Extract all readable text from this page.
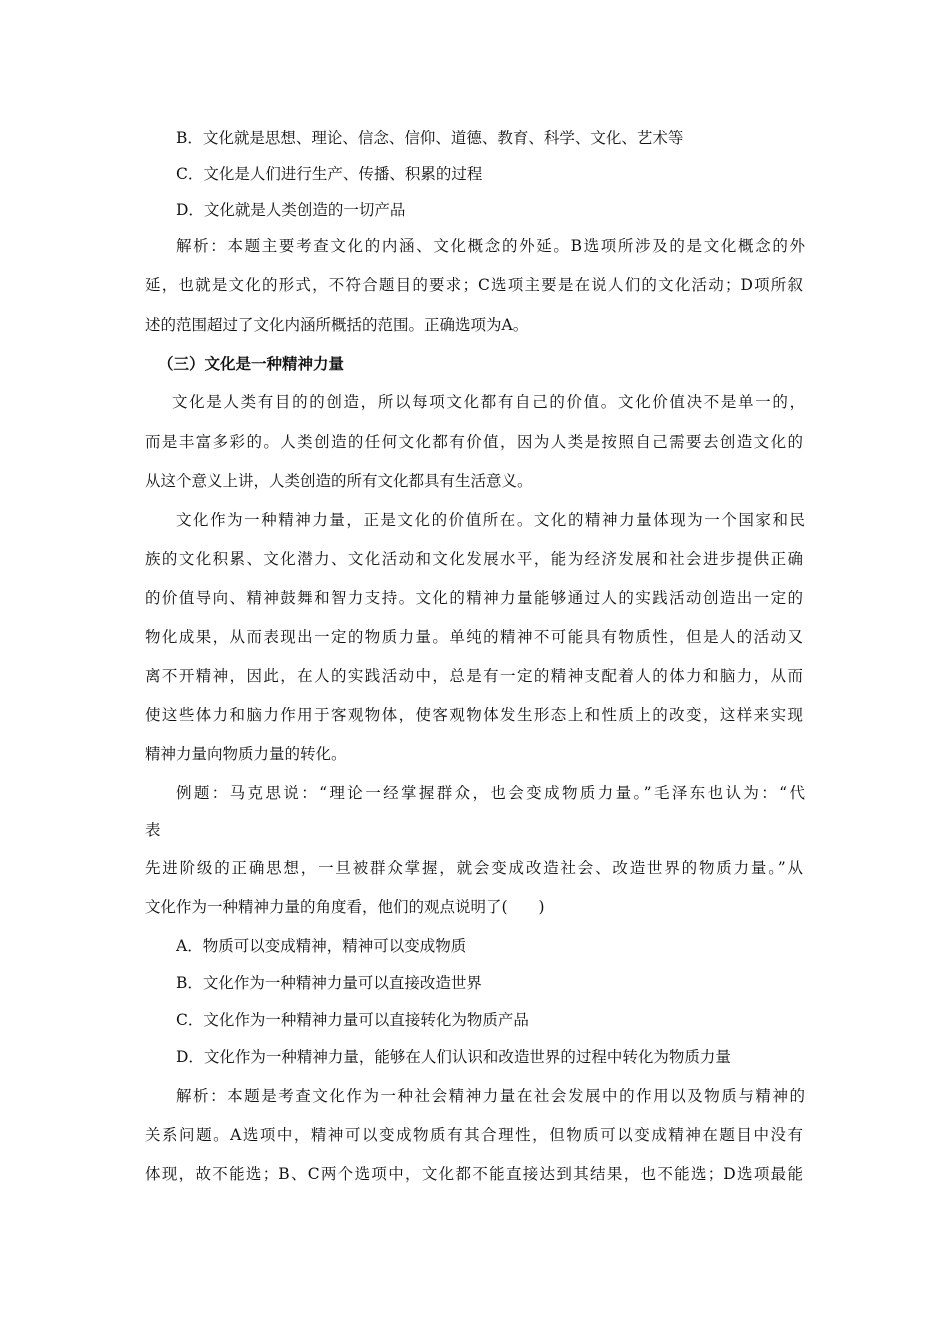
B．文化就是思想、理论、信念、信仰、道德、教育、科学、文化、艺术等
C．文化是人们进行生产、传播、积累的过程
D．文化就是人类创造的一切产品
解析：本题主要考查文化的内涵、文化概念的外延。B选项所涉及的是文化概念的外
延，也就是文化的形式，不符合题目的要求；C选项主要是在说人们的文化活动；D项所叙
述的范围超过了文化内涵所概括的范围。正确选项为A。
（三）文化是一种精神力量
文化是人类有目的的创造，所以每项文化都有自己的价值。文化价值决不是单一的，
而是丰富多彩的。人类创造的任何文化都有价值，因为人类是按照自己需要去创造文化的
从这个意义上讲，人类创造的所有文化都具有生活意义。
文化作为一种精神力量，正是文化的价值所在。文化的精神力量体现为一个国家和民
族的文化积累、文化潜力、文化活动和文化发展水平，能为经济发展和社会进步提供正确
的价值导向、精神鼓舞和智力支持。文化的精神力量能够通过人的实践活动创造出一定的
物化成果，从而表现出一定的物质力量。单纯的精神不可能具有物质性，但是人的活动又
离不开精神，因此，在人的实践活动中，总是有一定的精神支配着人的体力和脑力，从而
使这些体力和脑力作用于客观物体，使客观物体发生形态上和性质上的改变，这样来实现
精神力量向物质力量的转化。
例题：马克思说：“理论一经掌握群众，也会变成物质力量。”毛泽东也认为：“代
表
先进阶级的正确思想，一旦被群众掌握，就会变成改造社会、改造世界的物质力量。”从
文化作为一种精神力量的角度看，他们的观点说明了(　　)
A．物质可以变成精神，精神可以变成物质
B．文化作为一种精神力量可以直接改造世界
C．文化作为一种精神力量可以直接转化为物质产品
D．文化作为一种精神力量，能够在人们认识和改造世界的过程中转化为物质力量
解析：本题是考查文化作为一种社会精神力量在社会发展中的作用以及物质与精神的
关系问题。A选项中，精神可以变成物质有其合理性，但物质可以变成精神在题目中没有
体现，故不能选；B、C两个选项中，文化都不能直接达到其结果，也不能选；D选项最能
